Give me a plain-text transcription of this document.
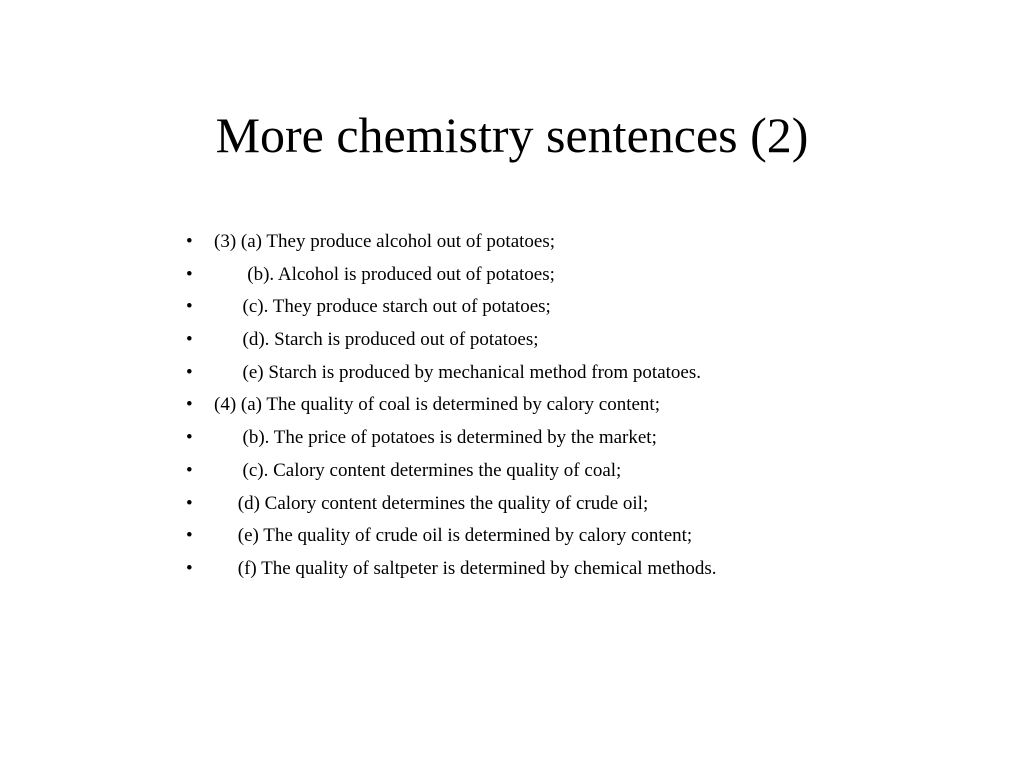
More chemistry sentences (2)

•

	(3) (a) They produce alcohol out of potatoes;

•

	(b). Alcohol is produced out of potatoes;

•

	(c). They produce starch out of potatoes;

•

	(d). Starch is produced out of potatoes;

•

	(e) Starch is produced by mechanical method from potatoes.

•

	(4) (a) The quality of coal is determined by calory content;

•

	(b). The price of potatoes is determined by the market;

•

	(c). Calory content determines the quality of coal;

•

	(d) Calory content determines the quality of crude oil;

•

	(e) The quality of crude oil is determined by calory content;

•

	(f) The quality of saltpeter is determined by chemical methods.
